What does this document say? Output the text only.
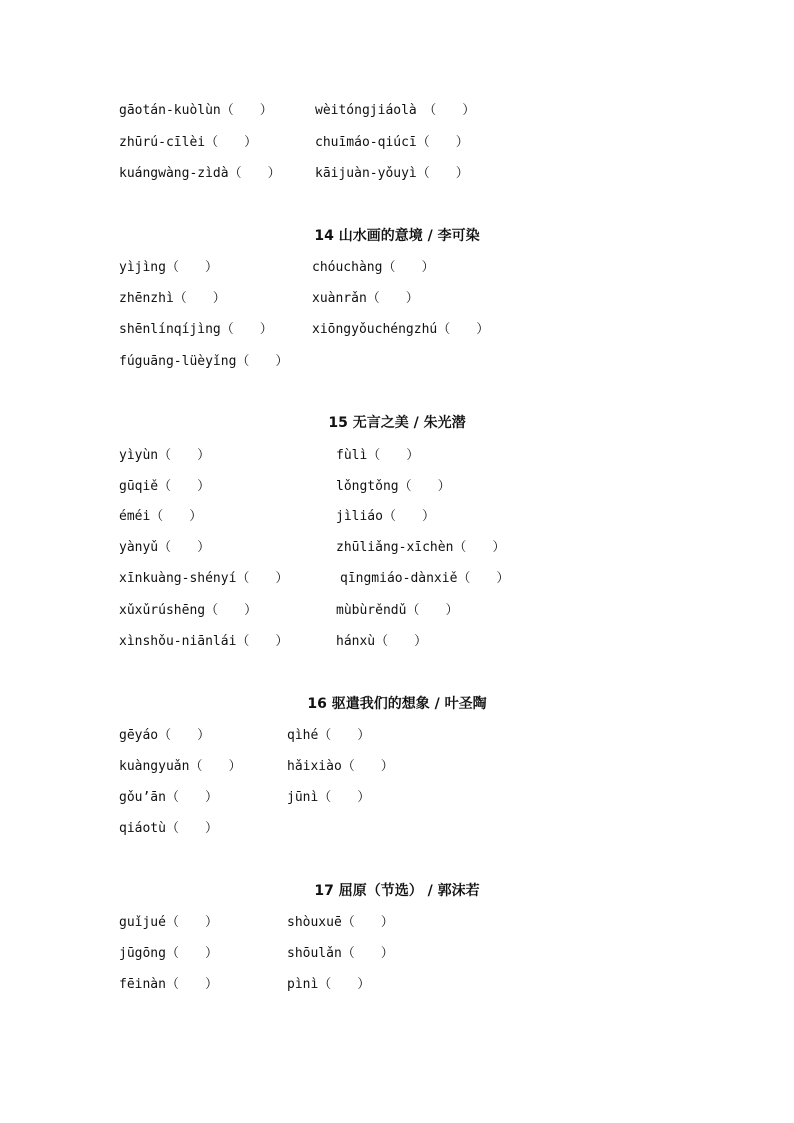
gāotán-kuòlùn（　　）	wèitóngjiáolà　（　　）
zhūrú-cīlèi（　　）	chuīmáo-qiúcī（　　）
kuángwàng-zìdà（　　）	kāijuàn-yǒuyì（　　）
14 山水画的意境 / 李可染
yìjìng（　　）	chóuchàng（　　）
zhēnzhì（　　）	xuànrǎn（　　）
shēnlínqíjìng（　　）	xiōngyǒuchéngzhú（　　）
fúguāng-lüèyǐng（　　）
15 无言之美 / 朱光潜
yìyùn（　　）	fùlì（　　）
gūqiě（　　）	lǒngtǒng（　　）
éméi（　　）	jìliáo（　　）
yànyǔ（　　）	zhūliǎng-xīchèn（　　）
xīnkuàng-shényí（　　）	qīngmiáo-dànxiě（　　）
xǔxǔrúshēng（　　）	mùbùrěndǔ（　　）
xìnshǒu-niānlái（　　）	hánxù（　　）
16 驱遣我们的想象 / 叶圣陶
gēyáo（　　）	qìhé（　　）
kuàngyuǎn（　　）	hǎixiào（　　）
gǒu’ān（　　）	jūnì（　　）
qiáotù（　　）
17 屈原（节选） / 郭沫若
guǐjué（　　）	shòuxuē（　　）
jūgōng（　　）	shōulǎn（　　）
fēinàn（　　）	pìnì（　　）
